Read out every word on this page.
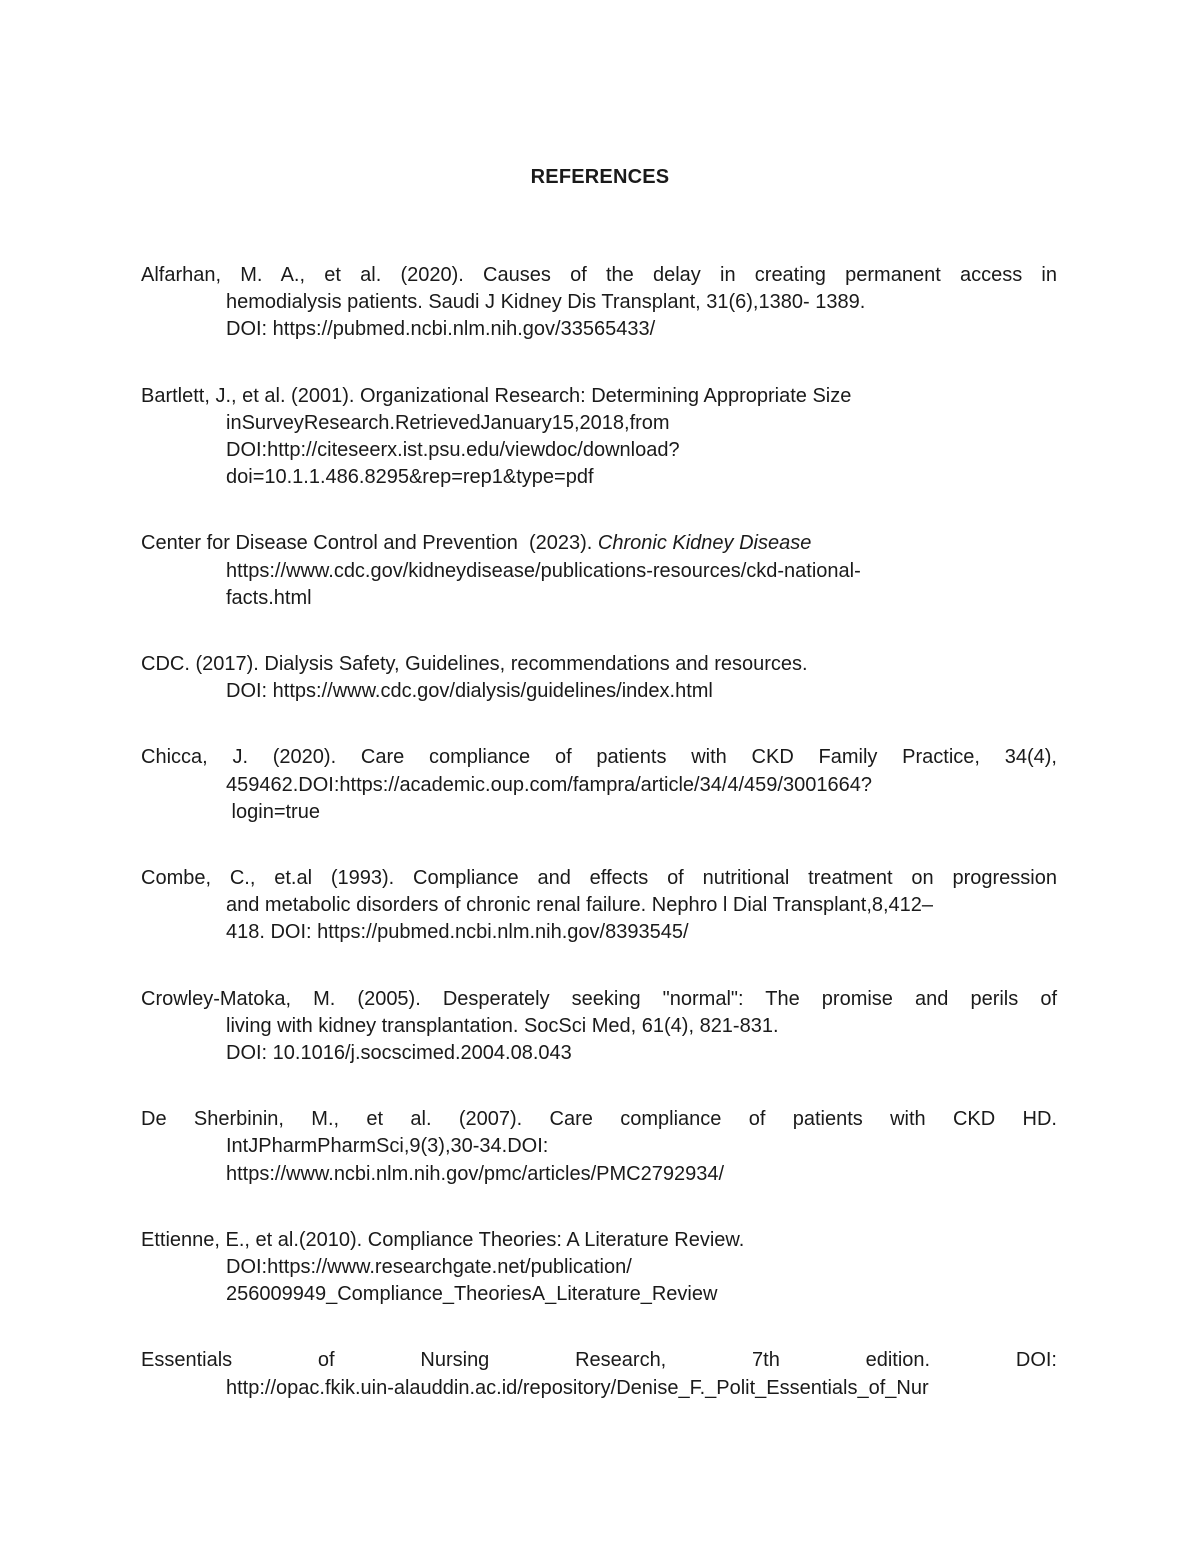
REFERENCES
Alfarhan, M. A., et al. (2020). Causes of the delay in creating permanent access in
hemodialysis patients. Saudi J Kidney Dis Transplant, 31(6),1380- 1389.
DOI: https://pubmed.ncbi.nlm.nih.gov/33565433/
Bartlett, J., et al. (2001). Organizational Research: Determining Appropriate Size
inSurveyResearch.RetrievedJanuary15,2018,from
DOI:http://citeseerx.ist.psu.edu/viewdoc/download?
doi=10.1.1.486.8295&rep=rep1&type=pdf
Center for Disease Control and Prevention  (2023). Chronic Kidney Disease
https://www.cdc.gov/kidneydisease/publications-resources/ckd-national-
facts.html
CDC. (2017). Dialysis Safety, Guidelines, recommendations and resources.
DOI: https://www.cdc.gov/dialysis/guidelines/index.html
Chicca, J. (2020). Care compliance of patients with CKD Family Practice, 34(4),
459462.DOI:https://academic.oup.com/fampra/article/34/4/459/3001664?
login=true
Combe, C., et.al (1993). Compliance and effects of nutritional treatment on progression
and metabolic disorders of chronic renal failure. Nephro l Dial Transplant,8,412–
418. DOI: https://pubmed.ncbi.nlm.nih.gov/8393545/
Crowley-Matoka, M. (2005). Desperately seeking "normal": The promise and perils of
living with kidney transplantation. SocSci Med, 61(4), 821-831.
DOI: 10.1016/j.socscimed.2004.08.043
De Sherbinin, M., et al. (2007). Care compliance of patients with CKD HD.
IntJPharmPharmSci,9(3),30-34.DOI:
https://www.ncbi.nlm.nih.gov/pmc/articles/PMC2792934/
Ettienne, E., et al.(2010). Compliance Theories: A Literature Review.
DOI:https://www.researchgate.net/publication/
256009949_Compliance_TheoriesA_Literature_Review
Essentials of Nursing Research, 7th edition. DOI:
http://opac.fkik.uin-alauddin.ac.id/repository/Denise_F._Polit_Essentials_of_Nur
